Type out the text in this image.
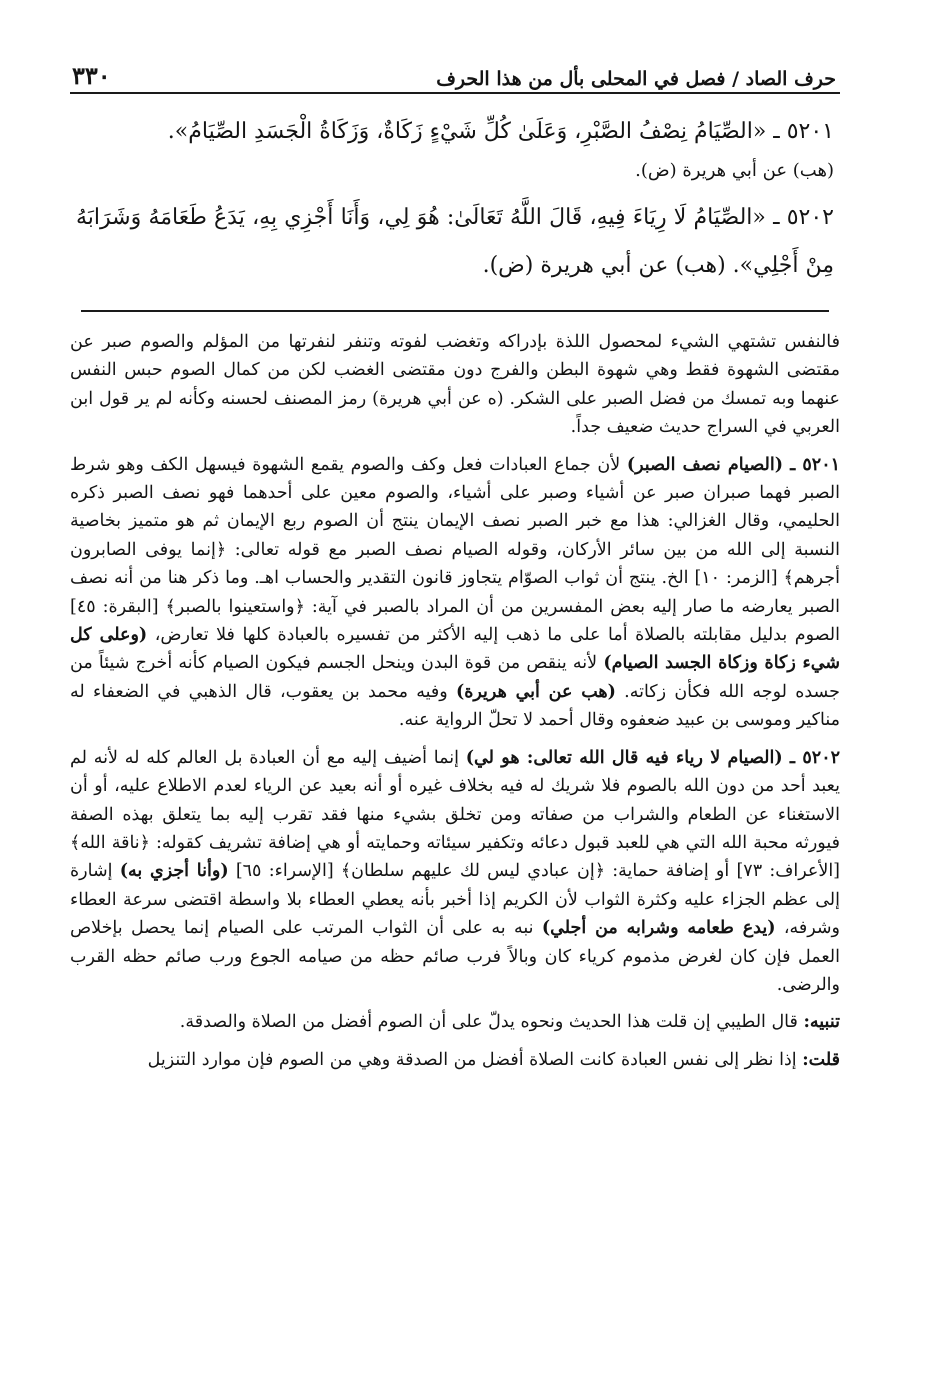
حرف الصاد / فصل في المحلى بأل من هذا الحرف
٣٣٠
٥٢٠١ ـ «الصِّيَامُ نِصْفُ الصَّبْرِ، وَعَلَىٰ كُلِّ شَيْءٍ زَكَاةٌ، وَزَكَاةُ الْجَسَدِ الصِّيَامُ».
(هب) عن أبي هريرة (ض).
٥٢٠٢ ـ «الصِّيَامُ لَا رِيَاءَ فِيهِ، قَالَ اللَّهُ تَعَالَىٰ: هُوَ لِي، وَأَنَا أَجْزِي بِهِ، يَدَعُ طَعَامَهُ وَشَرَابَهُ مِنْ أَجْلِي». (هب) عن أبي هريرة (ض).

فالنفس تشتهي الشيء لمحصول اللذة بإدراكه وتغضب لفوته وتنفر لنفرتها من المؤلم والصوم صبر عن مقتضى الشهوة فقط وهي شهوة البطن والفرج دون مقتضى الغضب لكن من كمال الصوم حبس النفس عنهما وبه تمسك من فضل الصبر على الشكر. (ه عن أبي هريرة) رمز المصنف لحسنه وكأنه لم ير قول ابن العربي في السراج حديث ضعيف جداً.

٥٢٠١ ـ (الصيام نصف الصبر) لأن جماع العبادات فعل وكف والصوم يقمع الشهوة فيسهل الكف وهو شرط الصبر فهما صبران صبر عن أشياء وصبر على أشياء، والصوم معين على أحدهما فهو نصف الصبر ذكره الحليمي، وقال الغزالي: هذا مع خبر الصبر نصف الإيمان ينتج أن الصوم ربع الإيمان ثم هو متميز بخاصية النسبة إلى الله من بين سائر الأركان، وقوله الصيام نصف الصبر مع قوله تعالى: ﴿إنما يوفى الصابرون أجرهم﴾ [الزمر: ١٠] الخ. ينتج أن ثواب الصوّام يتجاوز قانون التقدير والحساب اهـ. وما ذكر هنا من أنه نصف الصبر يعارضه ما صار إليه بعض المفسرين من أن المراد بالصبر في آية: ﴿واستعينوا بالصبر﴾ [البقرة: ٤٥] الصوم بدليل مقابلته بالصلاة أما على ما ذهب إليه الأكثر من تفسيره بالعبادة كلها فلا تعارض، (وعلى كل شيء زكاة وزكاة الجسد الصيام) لأنه ينقص من قوة البدن وينحل الجسم فيكون الصيام كأنه أخرج شيئاً من جسده لوجه الله فكأن زكاته. (هب عن أبي هريرة) وفيه محمد بن يعقوب، قال الذهبي في الضعفاء له مناكير وموسى بن عبيد ضعفوه وقال أحمد لا تحلّ الرواية عنه.

٥٢٠٢ ـ (الصيام لا رياء فيه قال الله تعالى: هو لي) إنما أضيف إليه مع أن العبادة بل العالم كله له لأنه لم يعبد أحد من دون الله بالصوم فلا شريك له فيه بخلاف غيره أو أنه بعيد عن الرياء لعدم الاطلاع عليه، أو أن الاستغناء عن الطعام والشراب من صفاته ومن تخلق بشيء منها فقد تقرب إليه بما يتعلق بهذه الصفة فيورثه محبة الله التي هي للعبد قبول دعائه وتكفير سيئاته وحمايته أو هي إضافة تشريف كقوله: ﴿ناقة الله﴾ [الأعراف: ٧٣] أو إضافة حماية: ﴿إن عبادي ليس لك عليهم سلطان﴾ [الإسراء: ٦٥] (وأنا أجزي به) إشارة إلى عظم الجزاء عليه وكثرة الثواب لأن الكريم إذا أخبر بأنه يعطي العطاء بلا واسطة اقتضى سرعة العطاء وشرفه، (يدع طعامه وشرابه من أجلي) نبه به على أن الثواب المرتب على الصيام إنما يحصل بإخلاص العمل فإن كان لغرض مذموم كرياء كان وبالاً فرب صائم حظه من صيامه الجوع ورب صائم حظه القرب والرضى.

تنبيه: قال الطيبي إن قلت هذا الحديث ونحوه يدلّ على أن الصوم أفضل من الصلاة والصدقة.

قلت: إذا نظر إلى نفس العبادة كانت الصلاة أفضل من الصدقة وهي من الصوم فإن موارد التنزيل
